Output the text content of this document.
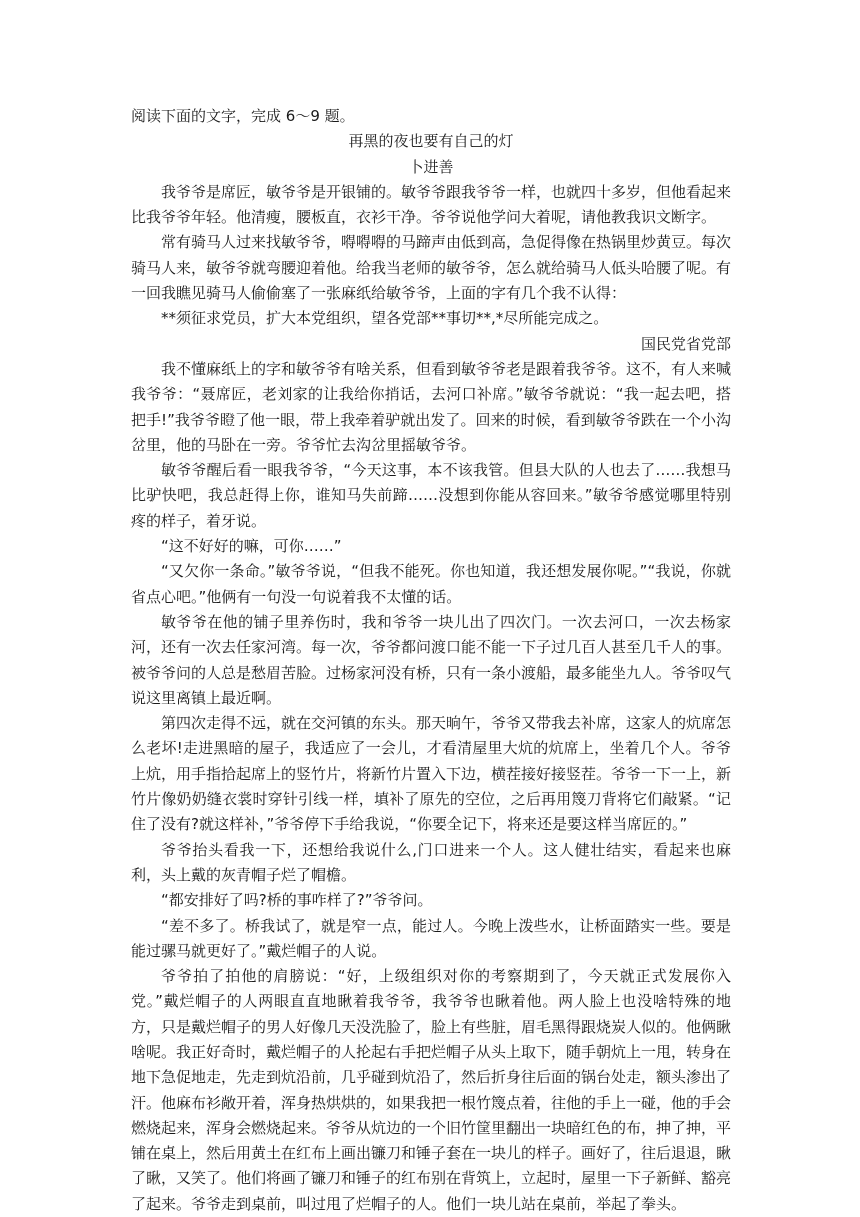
阅读下面的文字，完成 6～9 题。

再黑的夜也要有自己的灯

卜进善

我爷爷是席匠，敏爷爷是开银铺的。敏爷爷跟我爷爷一样，也就四十多岁，但他看起来比我爷爷年轻。他清瘦，腰板直，衣衫干净。爷爷说他学问大着呢，请他教我识文断字。

常有骑马人过来找敏爷爷，嘚嘚嘚的马蹄声由低到高，急促得像在热锅里炒黄豆。每次骑马人来，敏爷爷就弯腰迎着他。给我当老师的敏爷爷，怎么就给骑马人低头哈腰了呢。有一回我瞧见骑马人偷偷塞了一张麻纸给敏爷爷，上面的字有几个我不认得：

**须征求党员，扩大本党组织，望各党部**事切**,*尽所能完成之。

国民党省党部

我不懂麻纸上的字和敏爷爷有啥关系，但看到敏爷爷老是跟着我爷爷。这不，有人来喊我爷爷：“聂席匠，老刘家的让我给你捎话，去河口补席。”敏爷爷就说：“我一起去吧，搭把手!”我爷爷瞪了他一眼，带上我牵着驴就出发了。回来的时候，看到敏爷爷跌在一个小沟岔里，他的马卧在一旁。爷爷忙去沟岔里摇敏爷爷。

敏爷爷醒后看一眼我爷爷，“今天这事，本不该我管。但县大队的人也去了……我想马比驴快吧，我总赶得上你，谁知马失前蹄……没想到你能从容回来。”敏爷爷感觉哪里特别疼的样子，着牙说。

“这不好好的嘛，可你……”

“又欠你一条命。”敏爷爷说，“但我不能死。你也知道，我还想发展你呢。”“我说，你就省点心吧。”他俩有一句没一句说着我不太懂的话。

敏爷爷在他的铺子里养伤时，我和爷爷一块儿出了四次门。一次去河口，一次去杨家河，还有一次去任家河湾。每一次，爷爷都问渡口能不能一下子过几百人甚至几千人的事。被爷爷问的人总是愁眉苦脸。过杨家河没有桥，只有一条小渡船，最多能坐九人。爷爷叹气说这里离镇上最近啊。

第四次走得不远，就在交河镇的东头。那天晌午，爷爷又带我去补席，这家人的炕席怎么老坏!走进黑暗的屋子，我适应了一会儿，才看清屋里大炕的炕席上，坐着几个人。爷爷上炕，用手指拾起席上的竖竹片，将新竹片置入下边，横茬接好接竖茬。爷爷一下一上，新竹片像奶奶缝衣裳时穿针引线一样，填补了原先的空位，之后再用篾刀背将它们敲紧。“记住了没有?就这样补，”爷爷停下手给我说，“你要全记下，将来还是要这样当席匠的。”

爷爷抬头看我一下，还想给我说什么,门口进来一个人。这人健壮结实，看起来也麻利，头上戴的灰青帽子烂了帽檐。

“都安排好了吗?桥的事咋样了?”爷爷问。

“差不多了。桥我试了，就是窄一点，能过人。今晚上泼些水，让桥面踏实一些。要是能过骡马就更好了。”戴烂帽子的人说。

爷爷拍了拍他的肩膀说：“好，上级组织对你的考察期到了，今天就正式发展你入党。”戴烂帽子的人两眼直直地瞅着我爷爷，我爷爷也瞅着他。两人脸上也没啥特殊的地方，只是戴烂帽子的男人好像几天没洗脸了，脸上有些脏，眉毛黑得跟烧炭人似的。他俩瞅啥呢。我正好奇时，戴烂帽子的人抡起右手把烂帽子从头上取下，随手朝炕上一甩，转身在地下急促地走，先走到炕沿前，几乎碰到炕沿了，然后折身往后面的锅台处走，额头渗出了汗。他麻布衫敞开着，浑身热烘烘的，如果我把一根竹篾点着，往他的手上一碰，他的手会燃烧起来，浑身会燃烧起来。爷爷从炕边的一个旧竹筐里翻出一块暗红色的布，抻了抻，平铺在桌上，然后用黄土在红布上画出镰刀和锤子套在一块儿的样子。画好了，往后退退，瞅了瞅，又笑了。他们将画了镰刀和锤子的红布别在背筑上，立起时，屋里一下子新鲜、豁亮了起来。爷爷走到桌前，叫过甩了烂帽子的人。他们一块儿站在桌前，举起了拳头。
